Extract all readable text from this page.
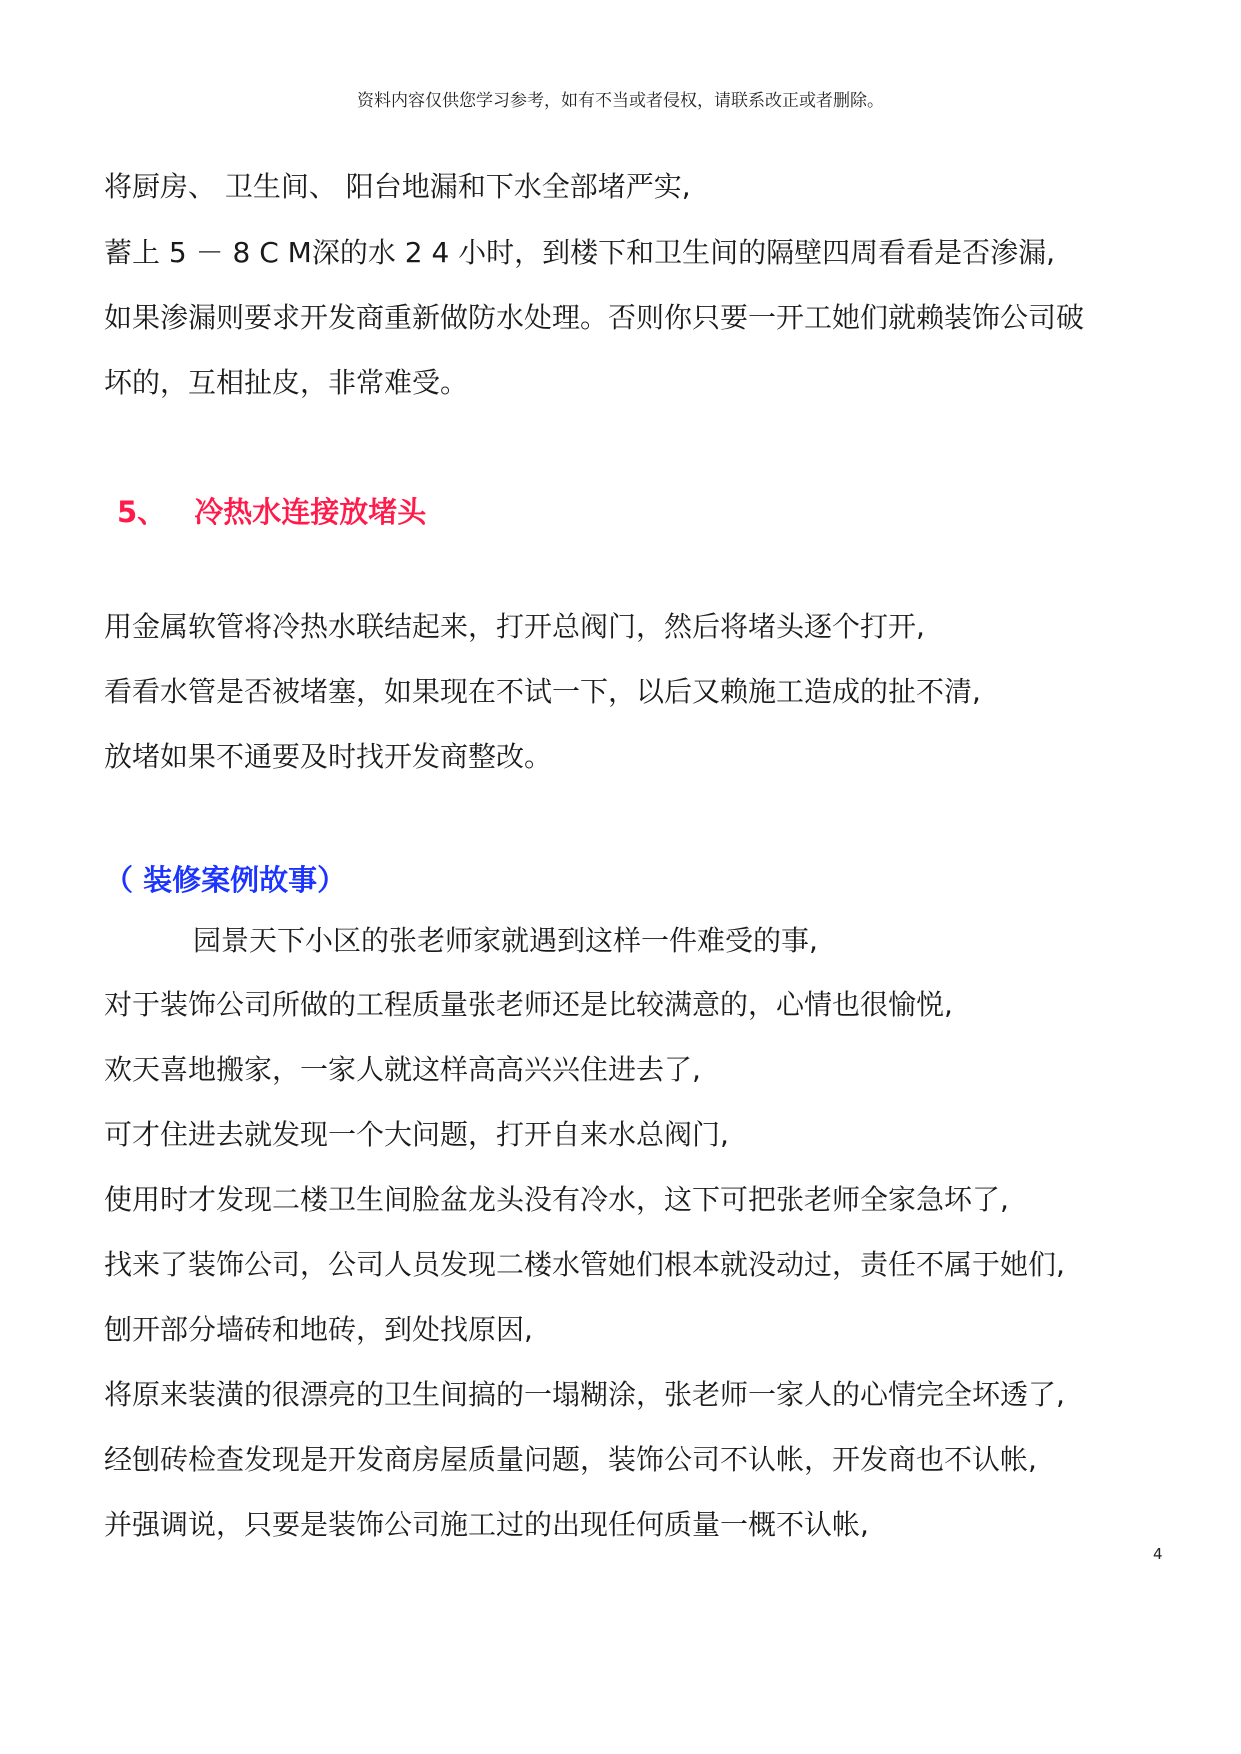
资料内容仅供您学习参考，如有不当或者侵权，请联系改正或者删除。
将厨房、 卫生间、 阳台地漏和下水全部堵严实,
蓄上 5 － 8 C M深的水 2 4 小时，到楼下和卫生间的隔壁四周看看是否渗漏,
如果渗漏则要求开发商重新做防水处理。否则你只要一开工她们就赖装饰公司破
坏的，互相扯皮，非常难受。
5、 冷热水连接放堵头
用金属软管将冷热水联结起来，打开总阀门，然后将堵头逐个打开,
看看水管是否被堵塞，如果现在不试一下，以后又赖施工造成的扯不清,
放堵如果不通要及时找开发商整改。
（ 装修案例故事）
园景天下小区的张老师家就遇到这样一件难受的事,
对于装饰公司所做的工程质量张老师还是比较满意的，心情也很愉悦,
欢天喜地搬家，一家人就这样高高兴兴住进去了,
可才住进去就发现一个大问题，打开自来水总阀门,
使用时才发现二楼卫生间脸盆龙头没有冷水，这下可把张老师全家急坏了,
找来了装饰公司，公司人员发现二楼水管她们根本就没动过，责任不属于她们,
刨开部分墙砖和地砖，到处找原因,
将原来装潢的很漂亮的卫生间搞的一塌糊涂，张老师一家人的心情完全坏透了,
经刨砖检查发现是开发商房屋质量问题，装饰公司不认帐，开发商也不认帐,
并强调说，只要是装饰公司施工过的出现任何质量一概不认帐,
4
